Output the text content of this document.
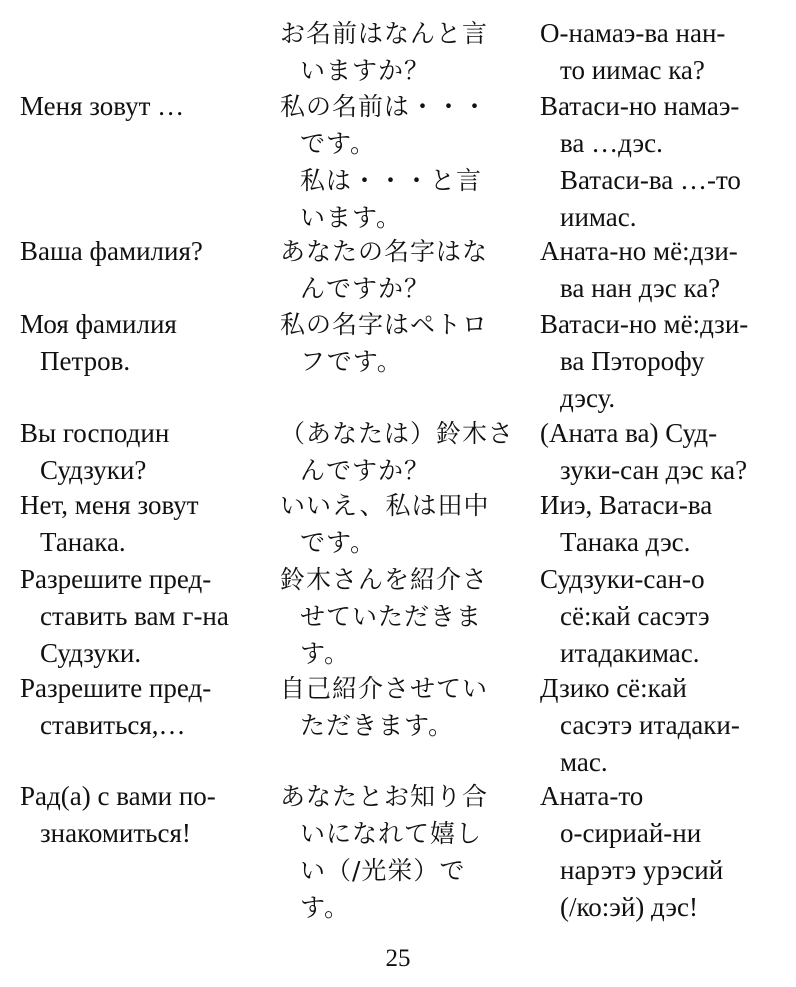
お名前はなんと言
いますか？
О-намаэ-ва нан-
то иимас ка?
Меня зовут …	私の名前は・・・
です。
私は・・・と言
います。
Ватаси-но намаэ-
ва …дэс.
Ватаси-ва …-то
иимас.
Ваша фамилия?	あなたの名字はな
んですか？
Аната-но мё:дзи-
ва нан дэс ка?
Моя фамилия
Петров.
私の名字はペトロ
フです。
Ватаси-но мё:дзи-
ва Пэторофу
дэсу.
Вы господин
Судзуки?
（あなたは）鈴木さ
んですか？
(Аната ва) Суд-
зуки-сан дэс ка?
Нет, меня зовут
Танака.
いいえ、私は田中
です。
Ииэ, Ватаси-ва
Танака дэс.
Разрешите пред-
ставить вам г-на
Судзуки.
鈴木さんを紹介さ
せていただきま
す。
Судзуки-сан-о
сё:кай сасэтэ
итадакимас.
Разрешите пред-
ставиться,…
自己紹介させてい
ただきます。
Дзико сё:кай
сасэтэ итадаки-
мас.
Рад(а) с вами по-
знакомиться!
あなたとお知り合
いになれて嬉し
い（/光栄）で
す。
Аната-то
о-сириай-ни
нарэтэ урэсий
(/ко:эй) дэс!
25
